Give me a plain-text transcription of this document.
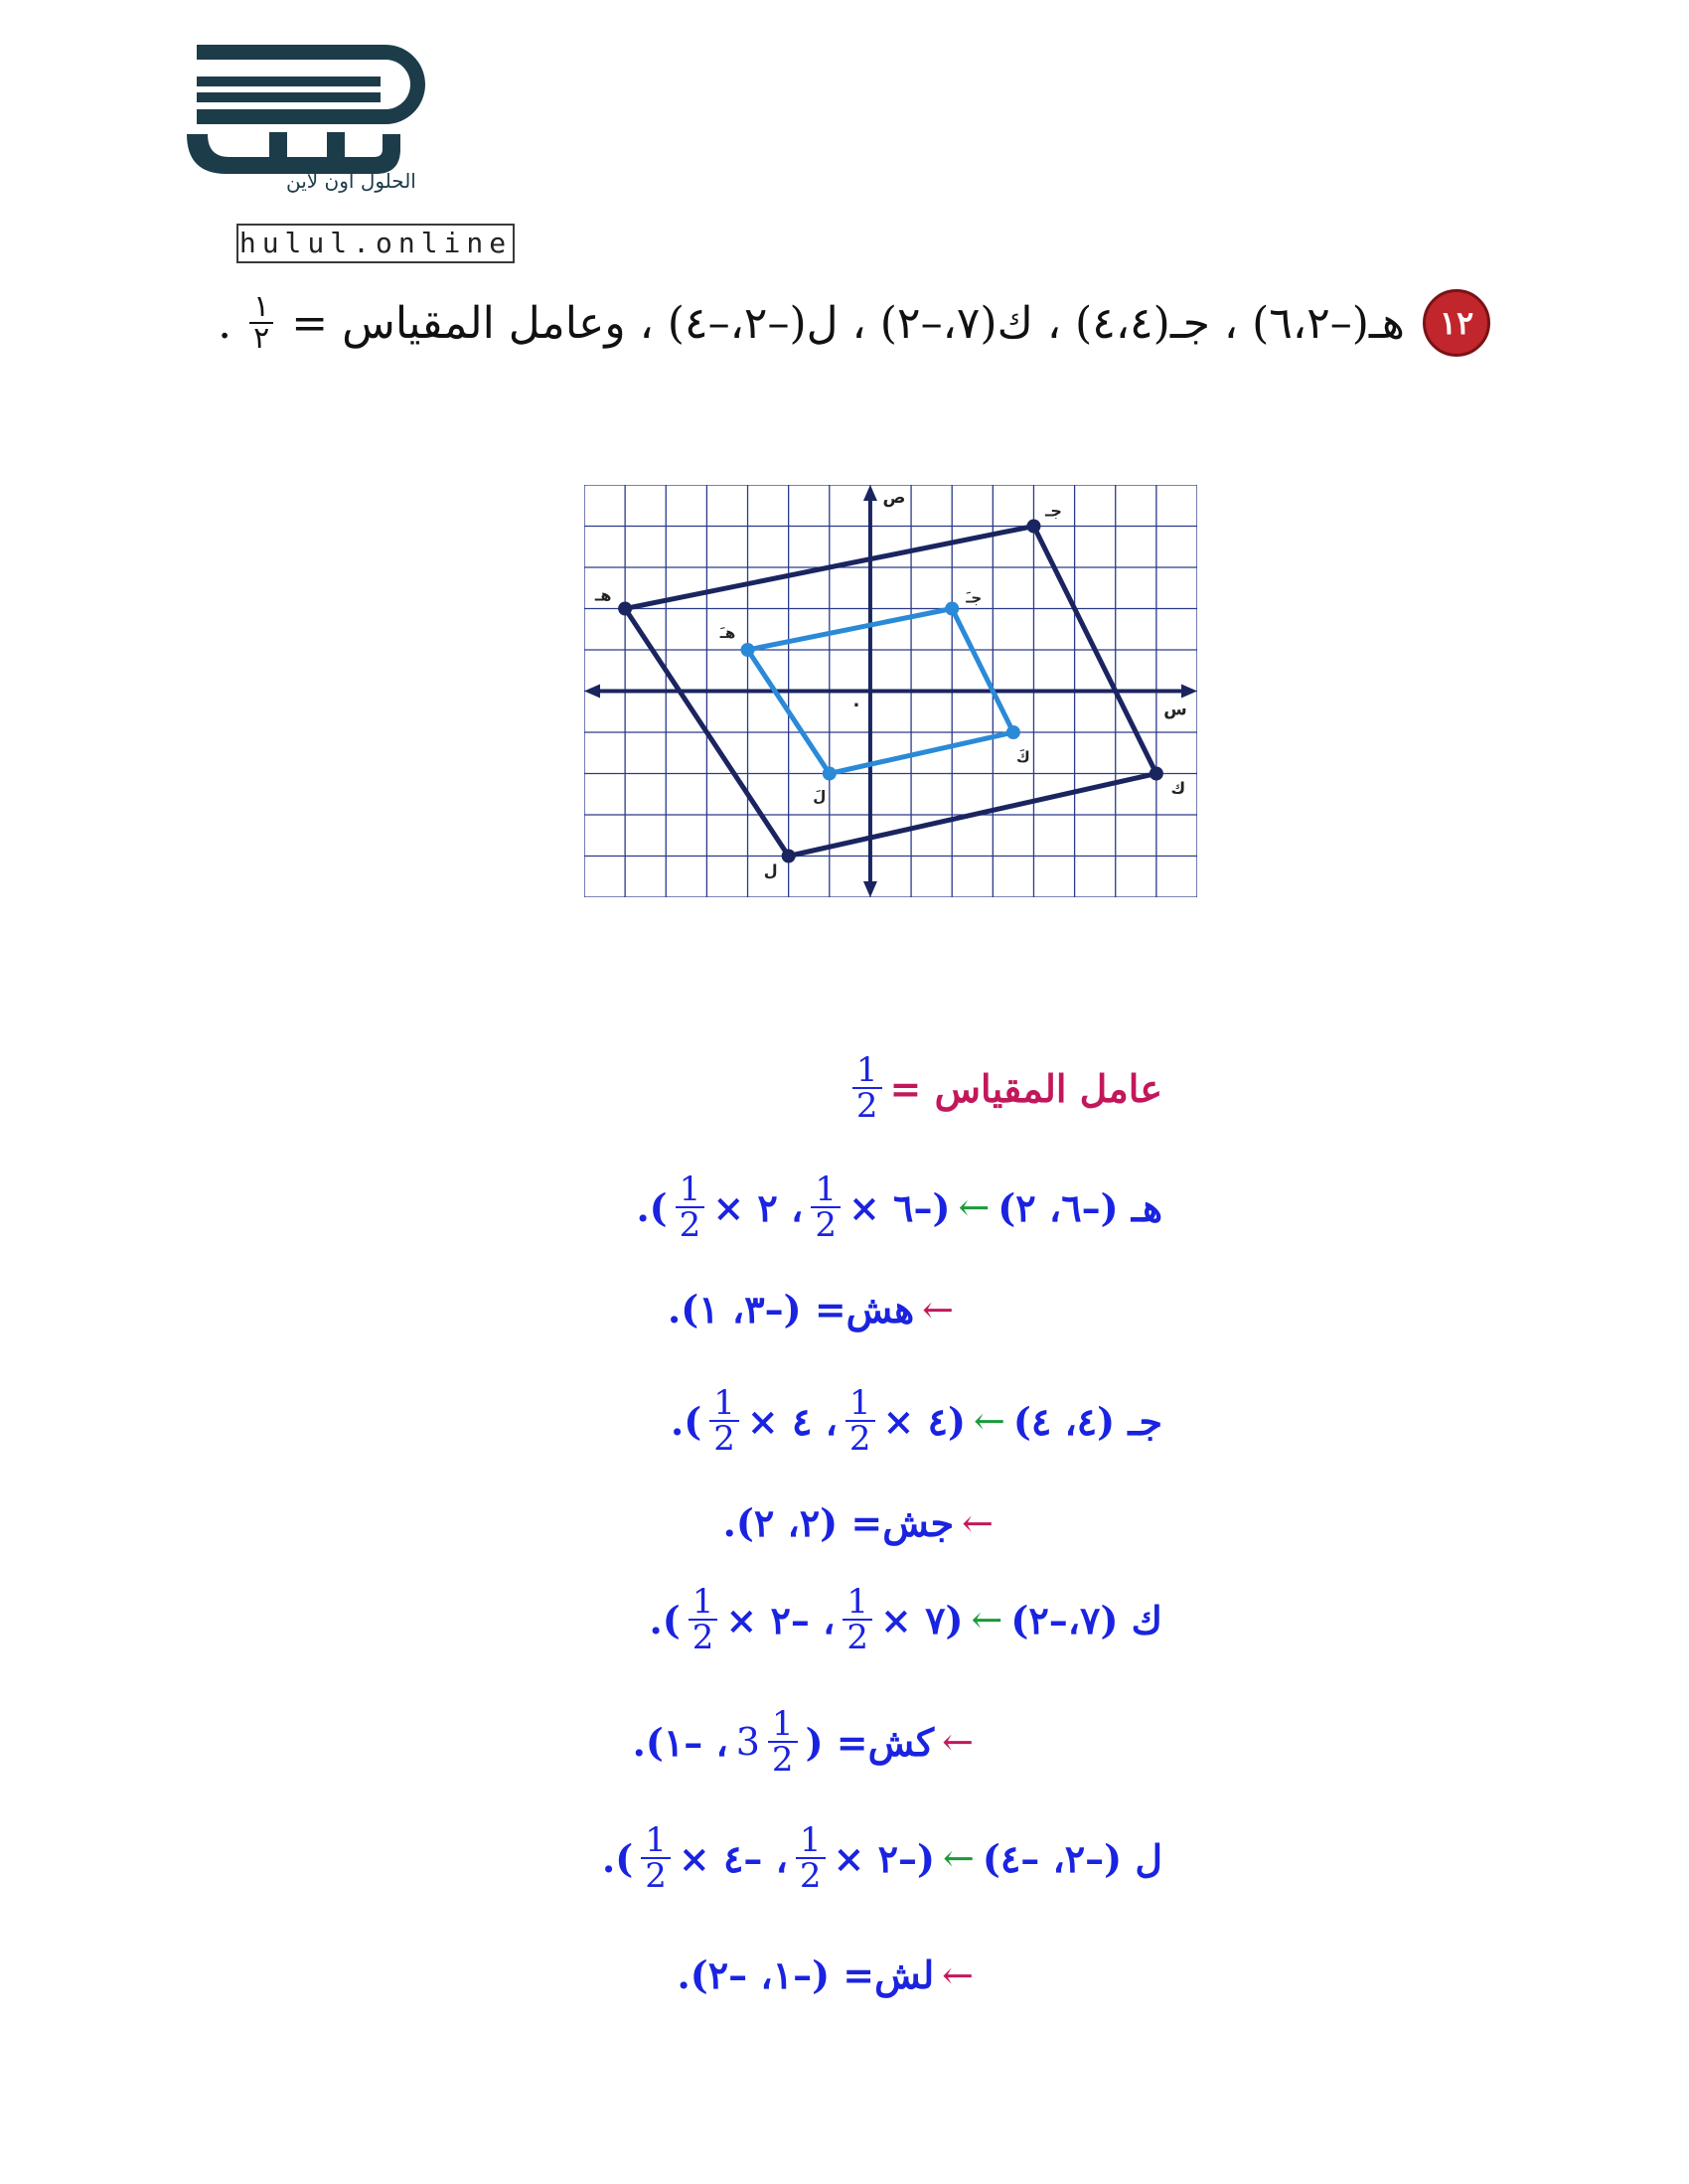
الحلول اون لاين
hulul.online
١٢
هـ(–٦،٢) ، جـ(٤،٤) ، ك(٧،–٢) ، ل(–٢،–٤) ، وعامل المقياس =
$\frac{١}{٢}$
.
س
ص
·
هـ
جـ
ك
ل
هـَ
جـَ
كَ
لَ
عامل المقياس =
$\frac{1}{2}$
هـ (–٦، ٢)
←
(–٦ ×
$\frac{1}{2}$
، ٢ ×
$\frac{1}{2}$
).
←
هش= (–٣، ١).
جـ (٤، ٤)
←
(٤ ×
$\frac{1}{2}$
، ٤ ×
$\frac{1}{2}$
).
←
جش= (٢، ٢).
ك (٧،–٢)
←
(٧ ×
$\frac{1}{2}$
، –٢ ×
$\frac{1}{2}$
).
←
كش= (
$\frac{1}{2}$
3
، –١).
ل (–٢، –٤)
←
(–٢ ×
$\frac{1}{2}$
، –٤ ×
$\frac{1}{2}$
).
←
لش= (–١، –٢).
